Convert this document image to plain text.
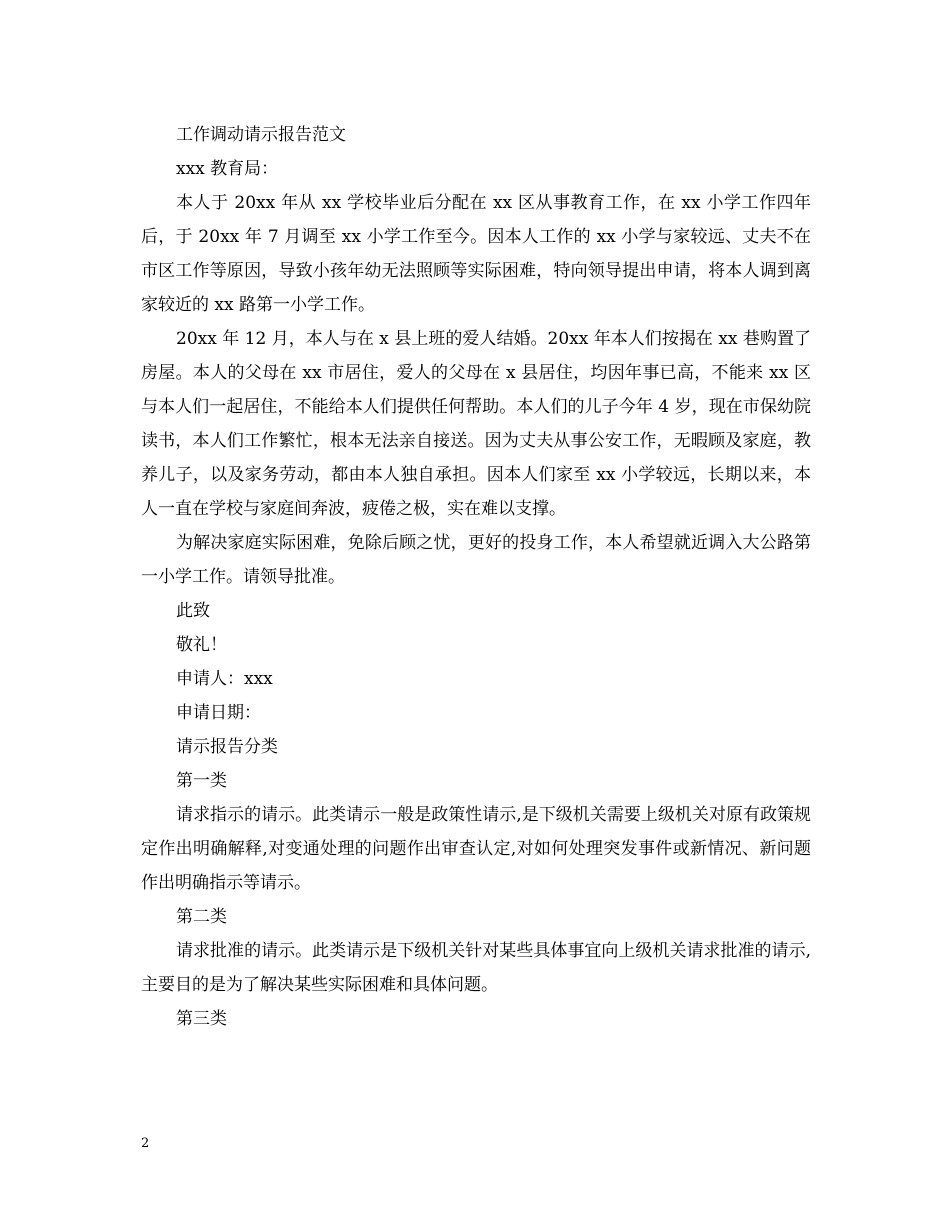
工作调动请示报告范文

xxx 教育局：

本人于 20xx 年从 xx 学校毕业后分配在 xx 区从事教育工作，在 xx 小学工作四年后，于 20xx 年 7 月调至 xx 小学工作至今。因本人工作的 xx 小学与家较远、丈夫不在市区工作等原因，导致小孩年幼无法照顾等实际困难，特向领导提出申请，将本人调到离家较近的 xx 路第一小学工作。

20xx 年 12 月，本人与在 x 县上班的爱人结婚。20xx 年本人们按揭在 xx 巷购置了房屋。本人的父母在 xx 市居住，爱人的父母在 x 县居住，均因年事已高，不能来 xx 区与本人们一起居住，不能给本人们提供任何帮助。本人们的儿子今年 4 岁，现在市保幼院读书，本人们工作繁忙，根本无法亲自接送。因为丈夫从事公安工作，无暇顾及家庭，教养儿子，以及家务劳动，都由本人独自承担。因本人们家至 xx 小学较远，长期以来，本人一直在学校与家庭间奔波，疲倦之极，实在难以支撑。

为解决家庭实际困难，免除后顾之忧，更好的投身工作，本人希望就近调入大公路第一小学工作。请领导批准。

此致

敬礼！

申请人：xxx

申请日期：

请示报告分类

第一类

请求指示的请示。此类请示一般是政策性请示,是下级机关需要上级机关对原有政策规定作出明确解释,对变通处理的问题作出审查认定,对如何处理突发事件或新情况、新问题作出明确指示等请示。

第二类

请求批准的请示。此类请示是下级机关针对某些具体事宜向上级机关请求批准的请示,主要目的是为了解决某些实际困难和具体问题。

第三类

2
